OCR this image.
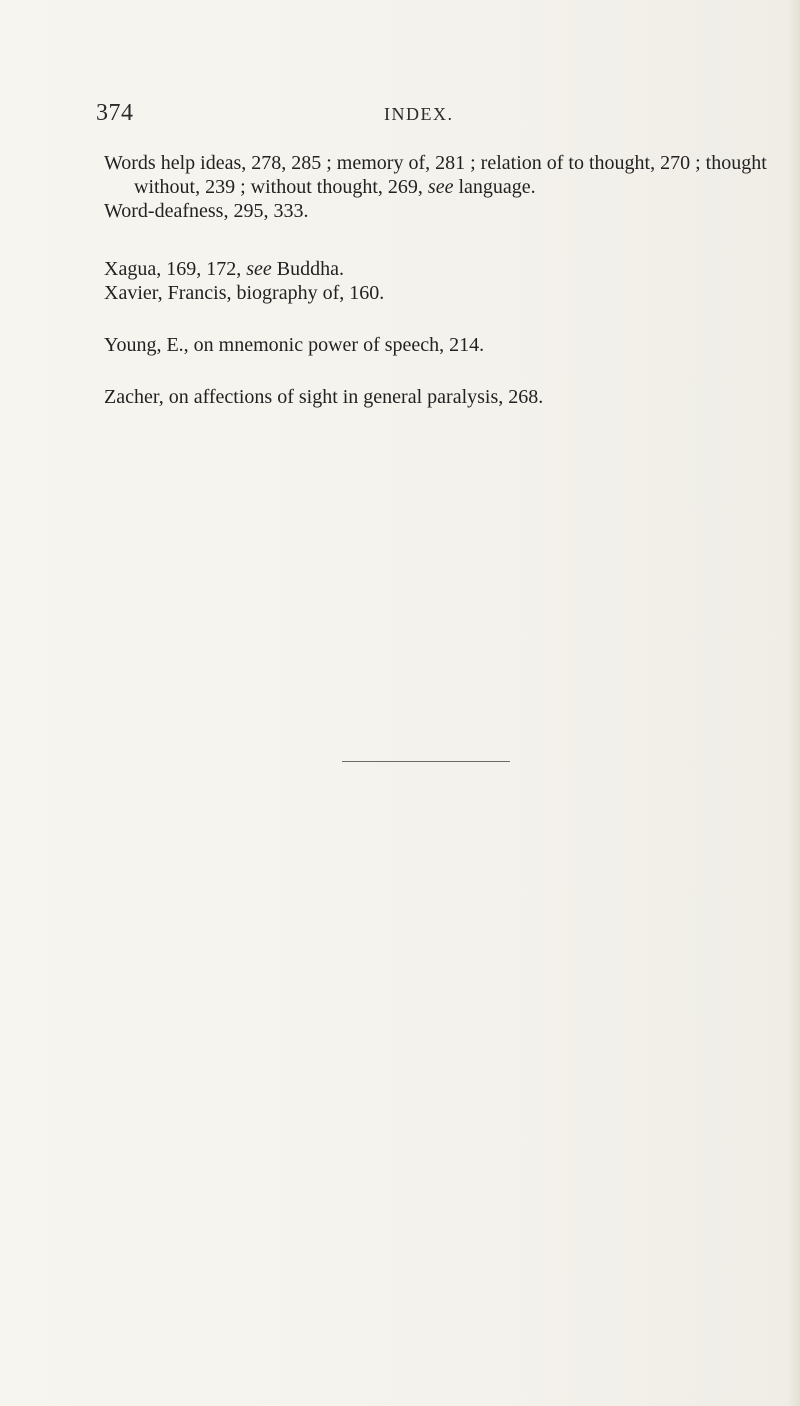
374	INDEX.

Words help ideas, 278, 285 ; memory of, 281 ; relation of to thought, 270 ; thought without, 239 ; without thought, 269, see language.

Word-deafness, 295, 333.

Xagua, 169, 172, see Buddha.

Xavier, Francis, biography of, 160.

Young, E., on mnemonic power of speech, 214.

Zacher, on affections of sight in general paralysis, 268.
